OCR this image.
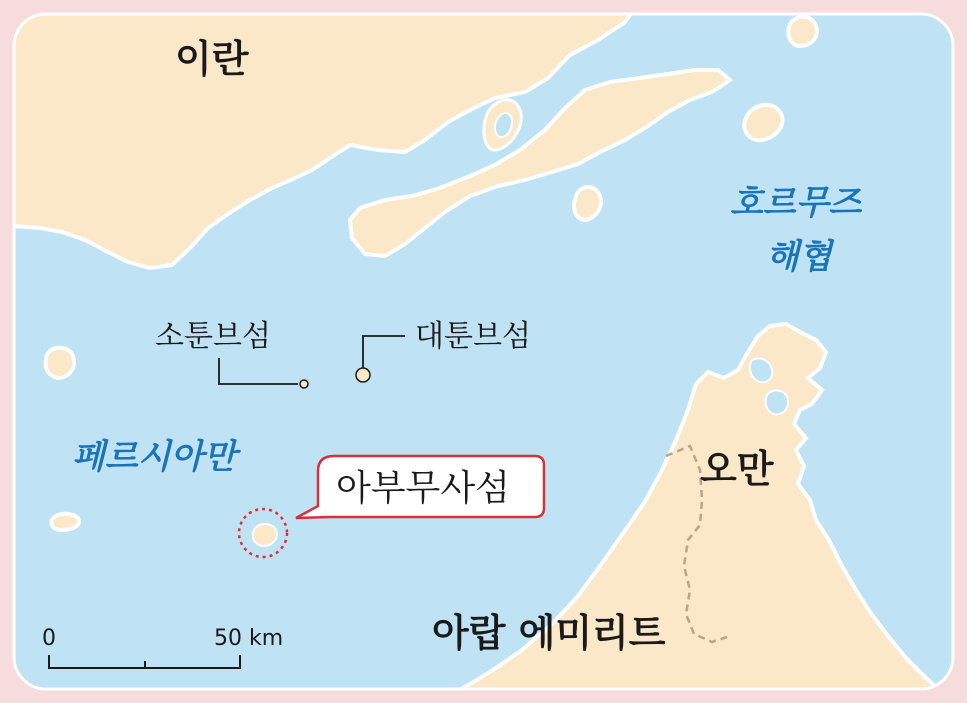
이란
호르무즈
해협
소툰브섬	대툰브섬
페르시아만
아부무사섬	오만
아랍 에미리트
0	50 km
